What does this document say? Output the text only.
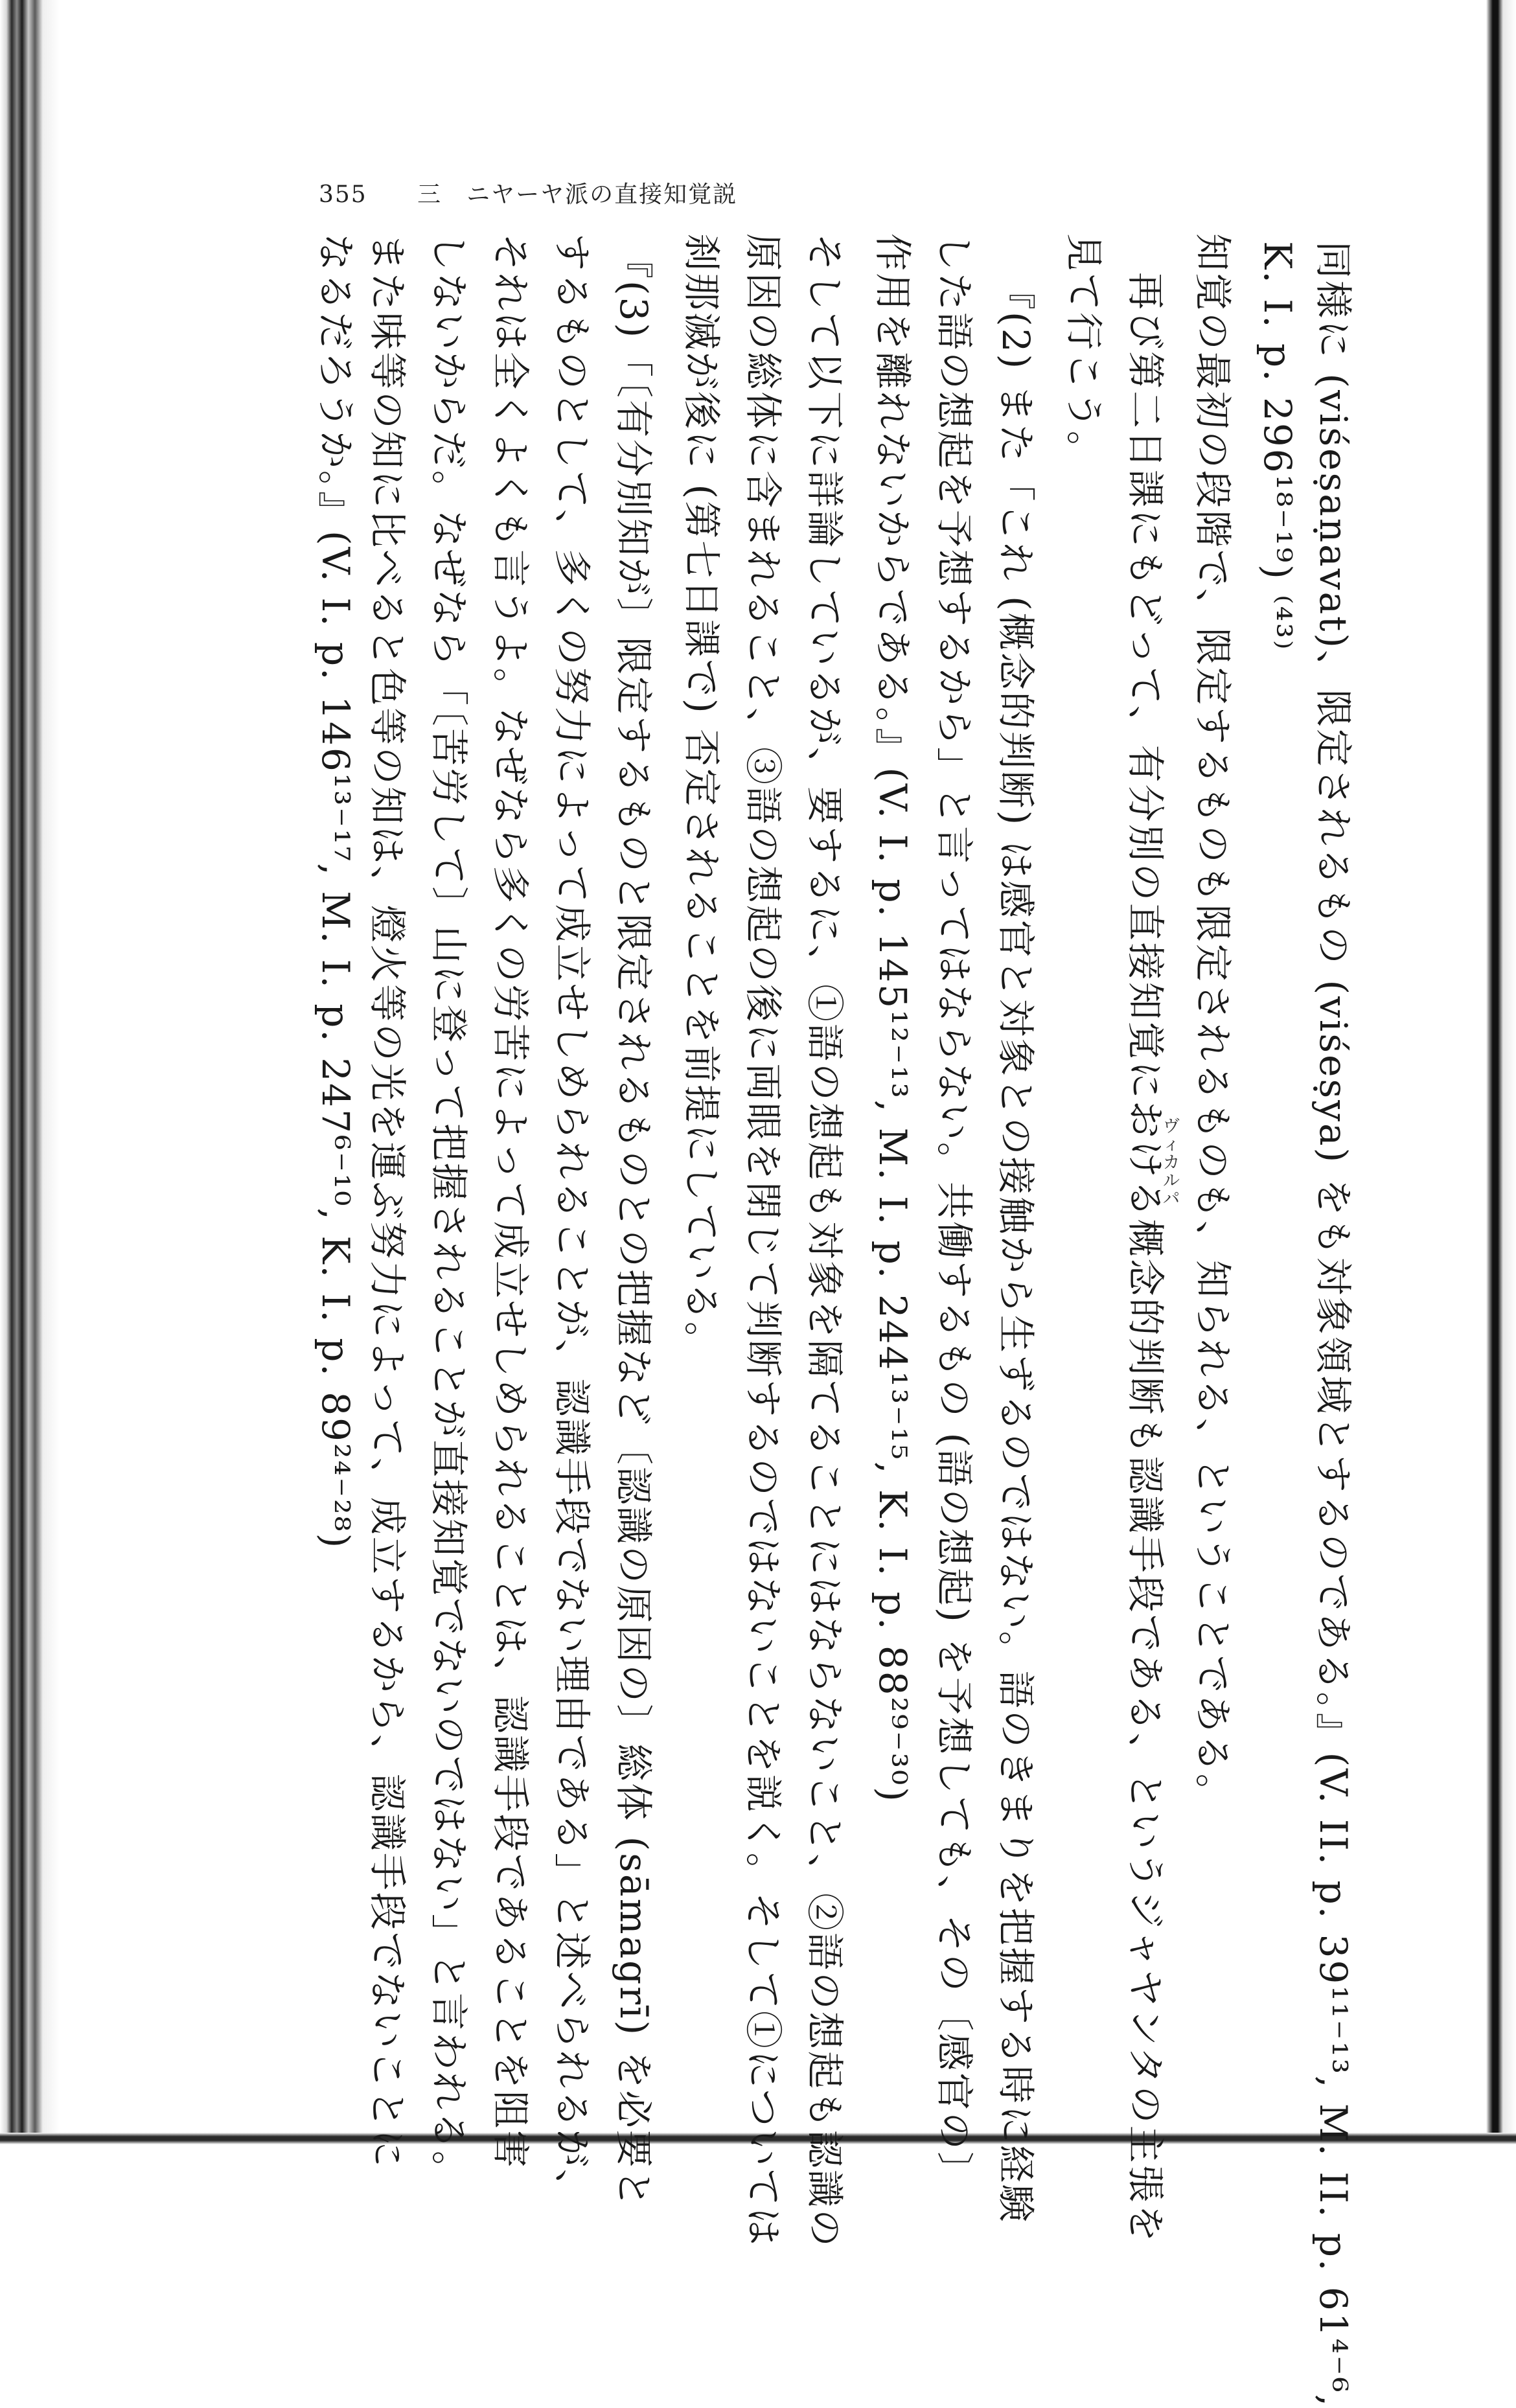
355 三　ニヤーヤ派の直接知覚説
同様に (viśeṣaṇavat)、限定されるもの (viśeṣya) をも対象領域とするのである。』(V. II. p. 39¹¹⁻¹³, M. II. p. 61⁴⁻⁶,
K. I. p. 296¹⁸⁻¹⁹) ⁽⁴³⁾
知覚の最初の段階で、限定するものも限定されるものも、知られる、ということである。
再び第二日課にもどって、有分別の直接知覚における概念的判断も認識手段である、というジャヤンタの主張を
見て行こう。
『(2) また「これ (概念的判断) は感官と対象との接触から生ずるのではない。語のきまりを把握する時に経験
した語の想起を予想するから」と言ってはならない。共働するもの (語の想起) を予想しても、その〔感官の〕
作用を離れないからである。』(V. I. p. 145¹²⁻¹³, M. I. p. 244¹³⁻¹⁵, K. I. p. 88²⁹⁻³⁰)
そして以下に詳論しているが、要するに、①語の想起も対象を隔てることにはならないこと、②語の想起も認識の
原因の総体に含まれること、③語の想起の後に両眼を閉じて判断するのではないことを説く。そして①については
刹那滅が後に (第七日課で) 否定されることを前提にしている。
『(3)「〔有分別知が〕限定するものと限定されるものとの把握など〔認識の原因の〕総体 (sāmagrī) を必要と
するものとして、多くの努力によって成立せしめられることが、認識手段でない理由である」と述べられるが、
それは全くよくも言うよ。なぜなら多くの労苦によって成立せしめられることは、認識手段であることを阻害
しないからだ。なぜなら「〔苦労して〕山に登って把握されることが直接知覚でないのではない」と言われる。
また味等の知に比べると色等の知は、燈火等の光を運ぶ努力によって、成立するから、認識手段でないことに
なるだろうか。』(V. I. p. 146¹³⁻¹⁷, M. I. p. 247⁶⁻¹⁰, K. I. p. 89²⁴⁻²⁸)	ヴィカルパ
